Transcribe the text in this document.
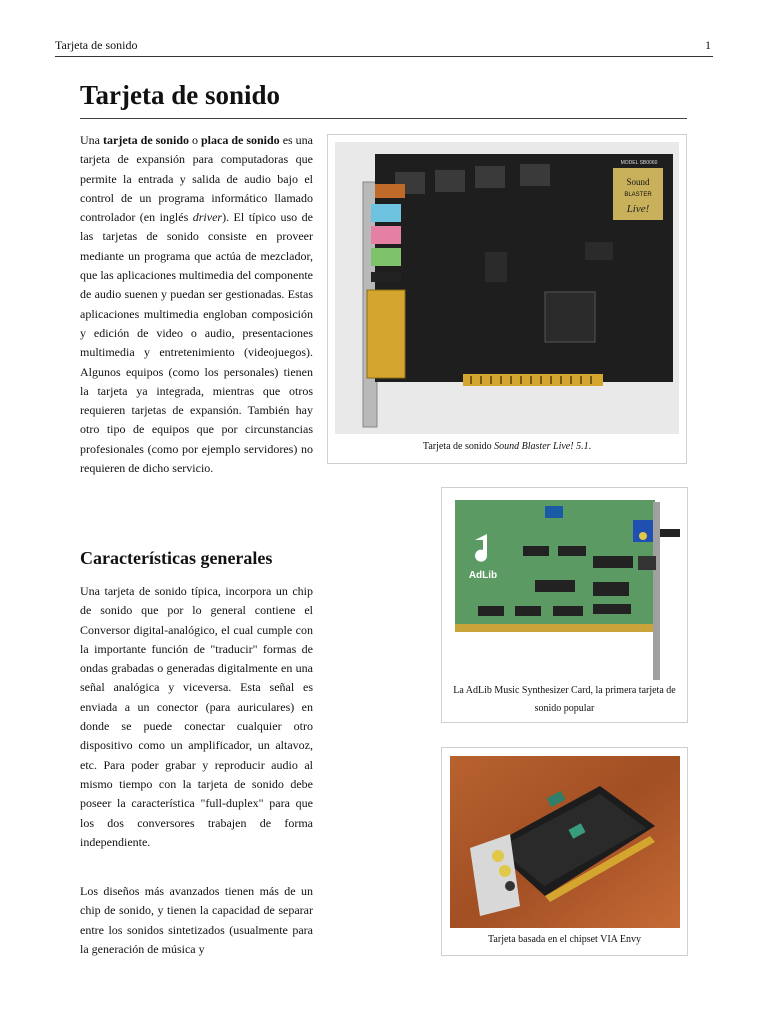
Tarjeta de sonido	1
Tarjeta de sonido

Una tarjeta de sonido o placa de sonido es una tarjeta de expansión para computadoras que permite la entrada y salida de audio bajo el control de un programa informático llamado controlador (en inglés driver). El típico uso de las tarjetas de sonido consiste en proveer mediante un programa que actúa de mezclador, que las aplicaciones multimedia del componente de audio suenen y puedan ser gestionadas. Estas aplicaciones multimedia engloban composición y edición de video o audio, presentaciones multimedia y entretenimiento (videojuegos). Algunos equipos (como los personales) tienen la tarjeta ya integrada, mientras que otros requieren tarjetas de expansión. También hay otro tipo de equipos que por circunstancias profesionales (como por ejemplo servidores) no requieren de dicho servicio.

Características generales

Una tarjeta de sonido típica, incorpora un chip de sonido que por lo general contiene el Conversor digital-analógico, el cual cumple con la importante función de "traducir" formas de ondas grabadas o generadas digitalmente en una señal analógica y viceversa. Esta señal es enviada a un conector (para auriculares) en donde se puede conectar cualquier otro dispositivo como un amplificador, un altavoz, etc. Para poder grabar y reproducir audio al mismo tiempo con la tarjeta de sonido debe poseer la característica "full-duplex" para que los dos conversores trabajen de forma independiente.

Los diseños más avanzados tienen más de un chip de sonido, y tienen la capacidad de separar entre los sonidos sintetizados (usualmente para la generación de música y

Sound
BLASTER
Live!
MODEL SB0060
Tarjeta de sonido Sound Blaster Live! 5.1.
AdLib
La AdLib Music Synthesizer Card, la primera tarjeta de sonido popular
Tarjeta basada en el chipset VIA Envy
